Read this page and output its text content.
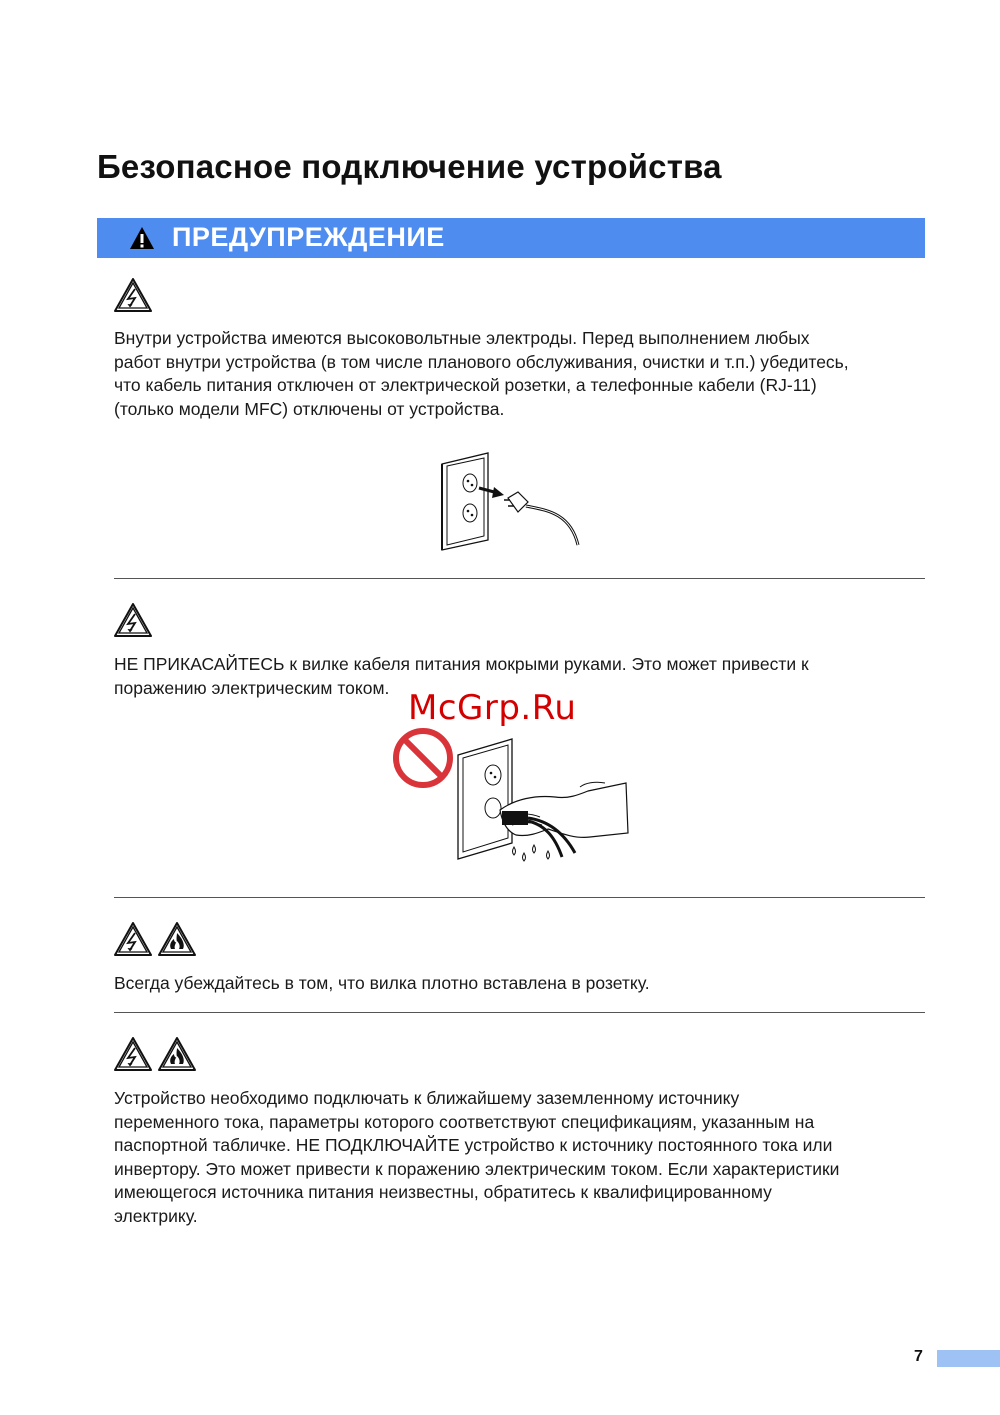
Безопасное подключение устройства
ПРЕДУПРЕЖДЕНИЕ
Внутри устройства имеются высоковольтные электроды. Перед выполнением любых
работ внутри устройства (в том числе планового обслуживания, очистки и т.п.) убедитесь,
что кабель питания отключен от электрической розетки, а телефонные кабели (RJ-11)
(только модели MFC) отключены от устройства.
НЕ ПРИКАСАЙТЕСЬ к вилке кабеля питания мокрыми руками. Это может привести к
поражению электрическим током.
McGrp.Ru
Всегда убеждайтесь в том, что вилка плотно вставлена в розетку.
Устройство необходимо подключать к ближайшему заземленному источнику
переменного тока, параметры которого соответствуют спецификациям, указанным на
паспортной табличке. НЕ ПОДКЛЮЧАЙТЕ устройство к источнику постоянного тока или
инвертору. Это может привести к поражению электрическим током. Если характеристики
имеющегося источника питания неизвестны, обратитесь к квалифицированному
электрику.
7
